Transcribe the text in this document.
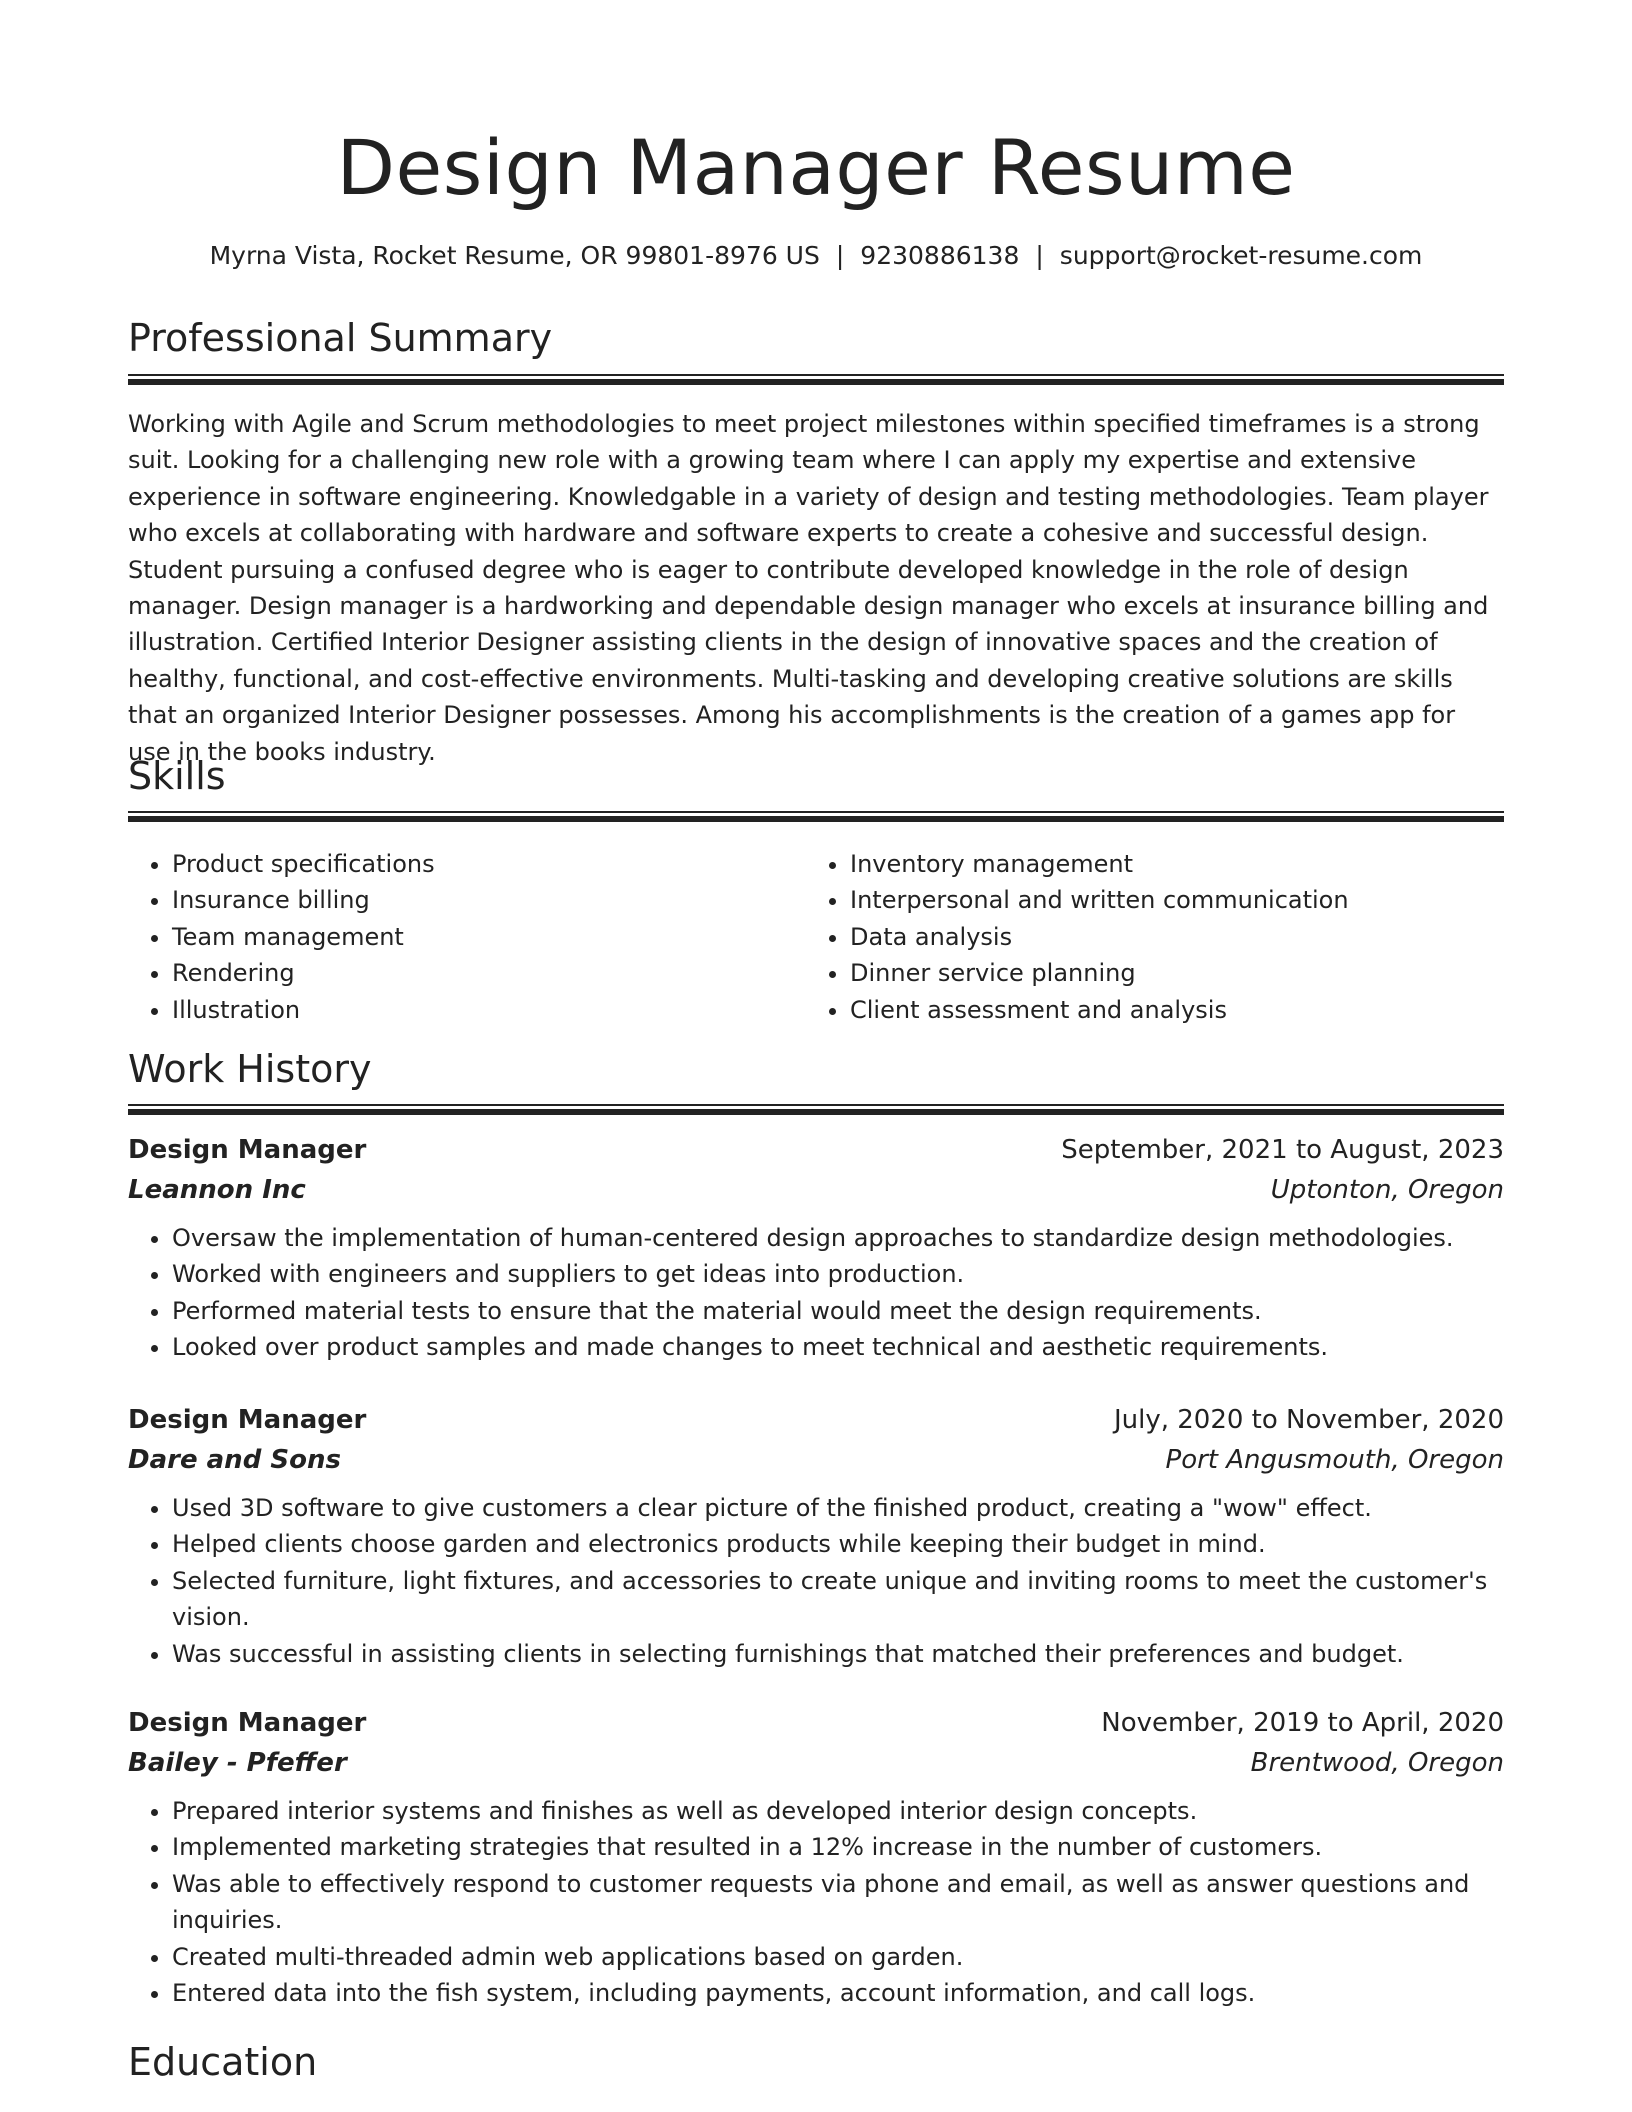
Design Manager Resume
Myrna Vista, Rocket Resume, OR 99801-8976 US | 9230886138 | support@rocket-resume.com
Professional Summary

Working with Agile and Scrum methodologies to meet project milestones within specified timeframes is a strong suit. Looking for a challenging new role with a growing team where I can apply my expertise and extensive experience in software engineering. Knowledgable in a variety of design and testing methodologies. Team player who excels at collaborating with hardware and software experts to create a cohesive and successful design. Student pursuing a confused degree who is eager to contribute developed knowledge in the role of design manager. Design manager is a hardworking and dependable design manager who excels at insurance billing and illustration. Certified Interior Designer assisting clients in the design of innovative spaces and the creation of healthy, functional, and cost-effective environments. Multi-tasking and developing creative solutions are skills that an organized Interior Designer possesses. Among his accomplishments is the creation of a games app for use in the books industry.

Skills
• Product specifications
• Insurance billing
• Team management
• Rendering
• Illustration
• Inventory management
• Interpersonal and written communication
• Data analysis
• Dinner service planning
• Client assessment and analysis
Work History
Design Manager	September, 2021 to August, 2023
Leannon Inc	Uptonton, Oregon
• Oversaw the implementation of human-centered design approaches to standardize design methodologies.
• Worked with engineers and suppliers to get ideas into production.
• Performed material tests to ensure that the material would meet the design requirements.
• Looked over product samples and made changes to meet technical and aesthetic requirements.
Design Manager	July, 2020 to November, 2020
Dare and Sons	Port Angusmouth, Oregon
• Used 3D software to give customers a clear picture of the finished product, creating a "wow" effect.
• Helped clients choose garden and electronics products while keeping their budget in mind.
• Selected furniture, light fixtures, and accessories to create unique and inviting rooms to meet the customer's vision.
• Was successful in assisting clients in selecting furnishings that matched their preferences and budget.
Design Manager	November, 2019 to April, 2020
Bailey - Pfeffer	Brentwood, Oregon
• Prepared interior systems and finishes as well as developed interior design concepts.
• Implemented marketing strategies that resulted in a 12% increase in the number of customers.
• Was able to effectively respond to customer requests via phone and email, as well as answer questions and inquiries.
• Created multi-threaded admin web applications based on garden.
• Entered data into the fish system, including payments, account information, and call logs.
Education
